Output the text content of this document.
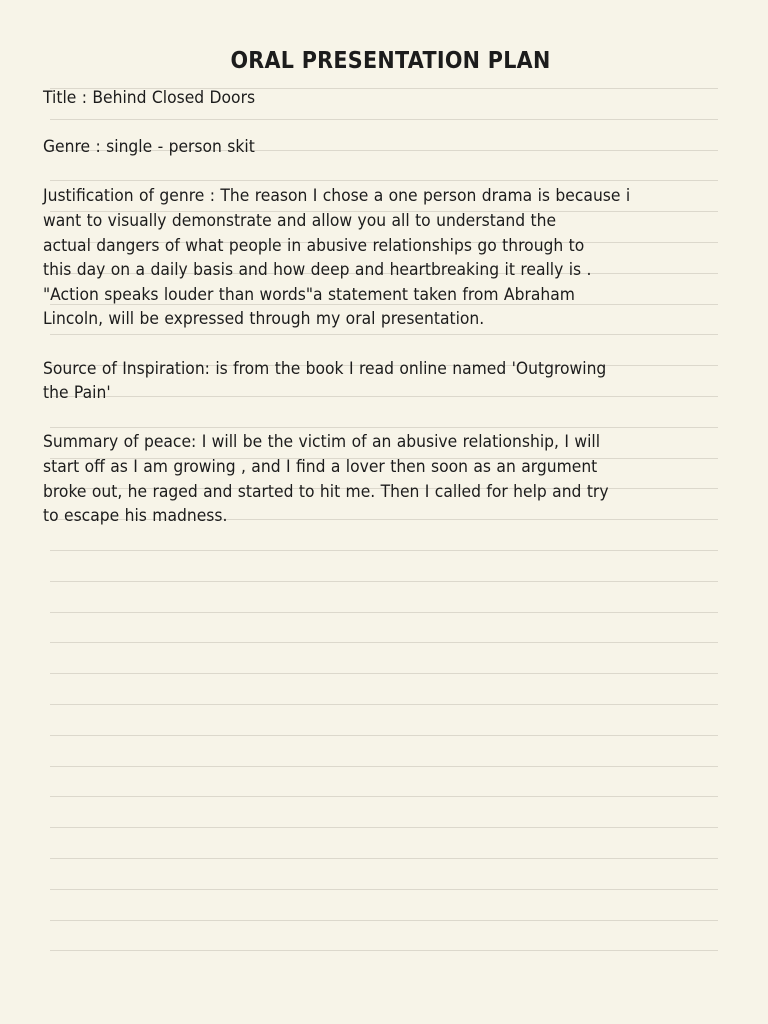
ORAL PRESENTATION PLAN
Title : Behind Closed Doors
Genre : single - person skit
Justification of genre : The reason I chose a one person drama is because i
want to visually demonstrate and allow you all to understand the
actual dangers of what people in abusive relationships go through to
this day on a daily basis and how deep and heartbreaking it really is .
"Action speaks louder than words"a statement taken from Abraham
Lincoln, will be expressed through my oral presentation.
Source of Inspiration: is from the book I read online named 'Outgrowing
the Pain'
Summary of peace: I will be the victim of an abusive relationship, I will
start off as I am growing , and I find a lover then soon as an argument
broke out, he raged and started to hit me. Then I called for help and try
to escape his madness.
